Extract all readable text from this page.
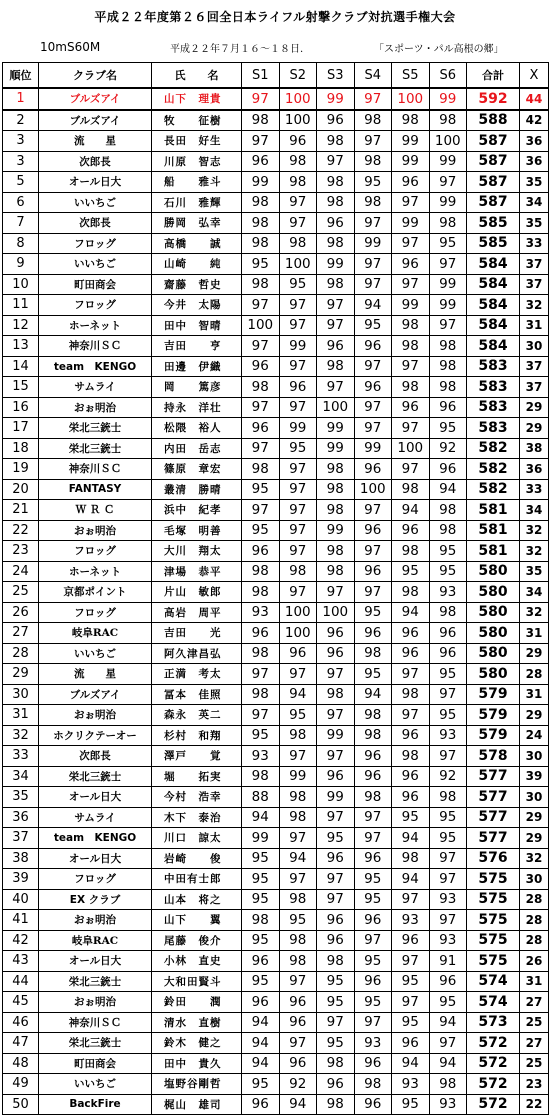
平成２２年度第２６回全日本ライフル射撃クラブ対抗選手権大会
10mS60M	平成２２年７月１６～１８日.	「スポーツ・パル高根の郷」
順位	クラブ名	氏　　名	S1	S2	S3	S4	S5	S6	合計	X
1	ブルズアイ	山下　理貴	97	100	99	97	100	99	592	44
2	ブルズアイ	牧　　征樹	98	100	96	98	98	98	588	42
3	流　　星	長田　好生	97	96	98	97	99	100	587	36
3	次郎長	川原　智志	96	98	97	98	99	99	587	36
5	オール日大	船　　雅斗	99	98	98	95	96	97	587	35
6	いいちご	石川　雅輝	98	97	98	98	97	99	587	34
7	次郎長	勝岡　弘幸	98	97	96	97	99	98	585	35
8	フロッグ	高橋　　誠	98	98	98	99	97	95	585	33
9	いいちご	山崎　　純	95	100	99	97	96	97	584	37
10	町田商会	齋藤　哲史	98	95	98	97	97	99	584	37
11	フロッグ	今井　太陽	97	97	97	94	99	99	584	32
12	ホーネット	田中　智晴	100	97	97	95	98	97	584	31
13	神奈川ＳＣ	吉田　　亨	97	99	96	96	98	98	584	30
14	team　KENGO	田邊　伊織	96	97	98	97	97	98	583	37
15	サムライ	岡　　篤彦	98	96	97	96	98	98	583	37
16	おぉ明治	持永　洋壮	97	97	100	97	96	96	583	29
17	栄北三銃士	松隈　裕人	96	99	99	97	97	95	583	29
18	栄北三銃士	内田　岳志	97	95	99	99	100	92	582	38
19	神奈川ＳＣ	篠原　章宏	98	97	98	96	97	96	582	36
20	FANTASY	叢清　勝晴	95	97	98	100	98	94	582	33
21	Ｗ Ｒ Ｃ	浜中　紀孝	97	97	98	97	94	98	581	34
22	おぉ明治	毛塚　明善	95	97	99	96	96	98	581	32
23	フロッグ	大川　翔太	96	97	98	97	98	95	581	32
24	ホーネット	津場　恭平	98	98	98	96	95	95	580	35
25	京都ポイント	片山　敏郎	98	97	97	97	98	93	580	34
26	フロッグ	高岩　周平	93	100	100	95	94	98	580	32
27	岐阜RAC	吉田　　光	96	100	96	96	96	96	580	31
28	いいちご	阿久津昌弘	98	96	96	98	96	96	580	29
29	流　　星	正満　考太	97	97	97	95	97	95	580	28
30	ブルズアイ	冨本　佳照	98	94	98	94	98	97	579	31
31	おぉ明治	森永　英二	97	95	97	98	97	95	579	29
32	ホクリクテーオー	杉村　和翔	95	98	99	98	96	93	579	24
33	次郎長	澤戸　　覚	93	97	97	96	98	97	578	30
34	栄北三銃士	堀　　拓実	98	99	96	96	96	92	577	39
35	オール日大	今村　浩幸	88	98	99	98	96	98	577	30
36	サムライ	木下　泰治	94	98	97	97	95	95	577	29
37	team　KENGO	川口　諒太	99	97	95	97	94	95	577	29
38	オール日大	岩崎　　俊	95	94	96	96	98	97	576	32
39	フロッグ	中田有士郎	95	97	97	95	94	97	575	30
40	EX クラブ	山本　将之	95	98	97	95	97	93	575	28
41	おぉ明治	山下　　翼	98	95	96	96	93	97	575	28
42	岐阜RAC	尾藤　俊介	95	98	96	97	96	93	575	28
43	オール日大	小林　直史	96	98	98	95	97	91	575	26
44	栄北三銃士	大和田賢斗	95	97	95	96	95	96	574	31
45	おぉ明治	鈴田　　潤	96	96	95	95	97	95	574	27
46	神奈川ＳＣ	清水　直樹	94	96	97	97	95	94	573	25
47	栄北三銃士	鈴木　健之	94	97	95	93	96	97	572	27
48	町田商会	田中　貴久	94	96	98	96	94	94	572	25
49	いいちご	塩野谷剛哲	95	92	96	98	93	98	572	23
50	BackFire	梶山　雄司	96	94	98	96	95	93	572	22
